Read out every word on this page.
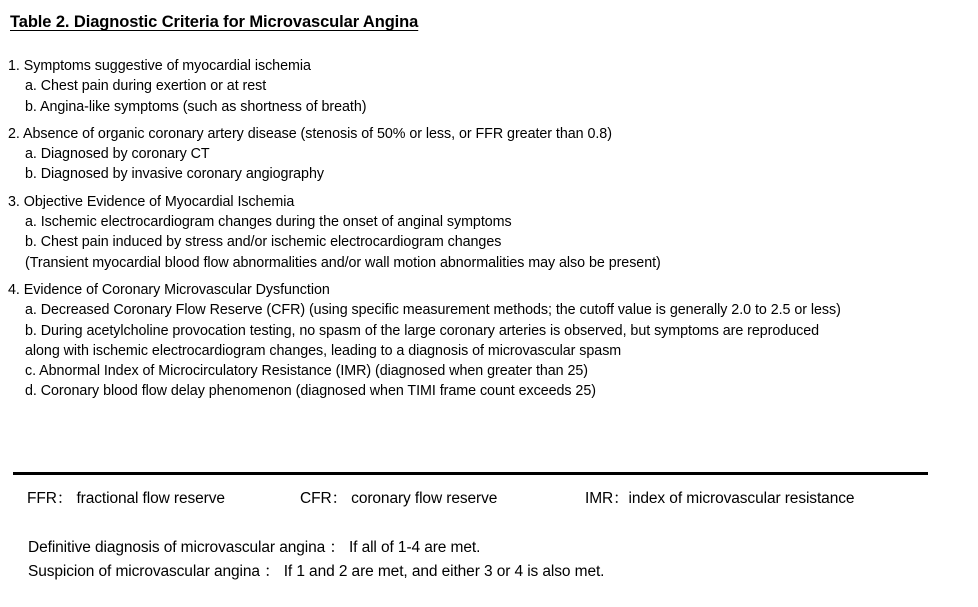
Table 2. Diagnostic Criteria for Microvascular Angina
1. Symptoms suggestive of myocardial ischemia
a. Chest pain during exertion or at rest
b. Angina-like symptoms (such as shortness of breath)
2. Absence of organic coronary artery disease (stenosis of 50% or less, or FFR greater than 0.8)
a. Diagnosed by coronary CT
b. Diagnosed by invasive coronary angiography
3. Objective Evidence of Myocardial Ischemia
a. Ischemic electrocardiogram changes during the onset of anginal symptoms
b. Chest pain induced by stress and/or ischemic electrocardiogram changes
(Transient myocardial blood flow abnormalities and/or wall motion abnormalities may also be present)
4. Evidence of Coronary Microvascular Dysfunction
a. Decreased Coronary Flow Reserve (CFR) (using specific measurement methods; the cutoff value is generally 2.0 to 2.5 or less)
b. During acetylcholine provocation testing, no spasm of the large coronary arteries is observed, but symptoms are reproduced
along with ischemic electrocardiogram changes, leading to a diagnosis of microvascular spasm
c. Abnormal Index of Microcirculatory Resistance (IMR) (diagnosed when greater than 25)
d. Coronary blood flow delay phenomenon (diagnosed when TIMI frame count exceeds 25)
FFR： fractional flow reserve	CFR： coronary flow reserve	IMR：index of microvascular resistance
Definitive diagnosis of microvascular angina ： If all of 1-4 are met.
Suspicion of microvascular angina ： If 1 and 2 are met, and either 3 or 4 is also met.
